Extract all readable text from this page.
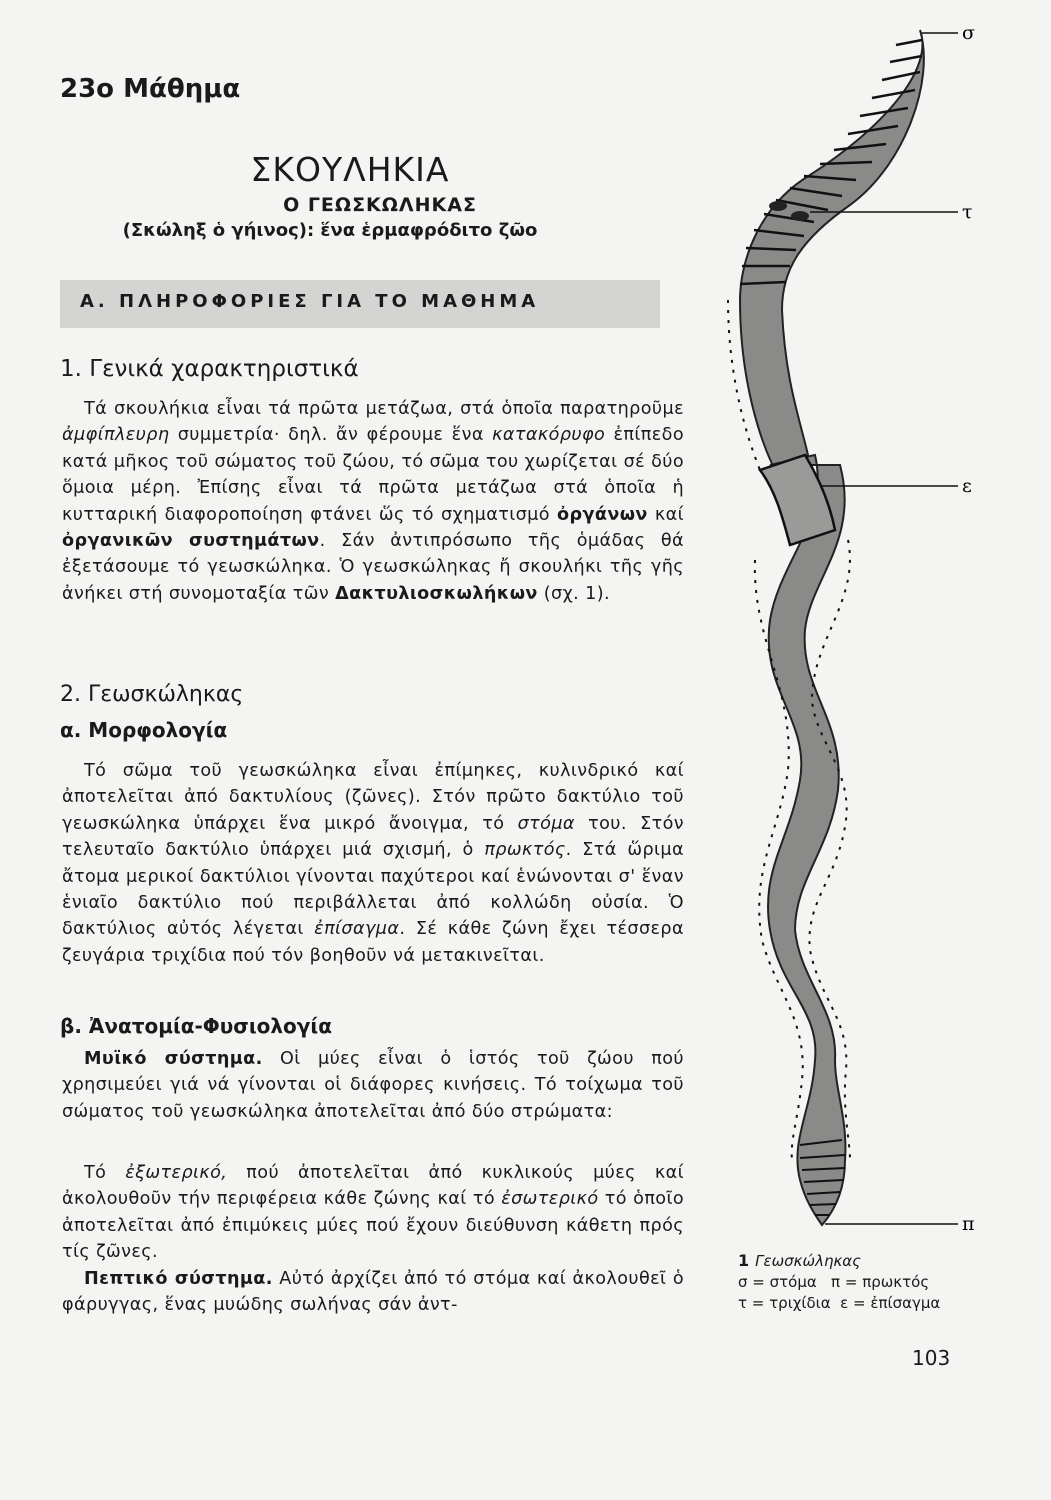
23ο Μάθημα
ΣΚΟΥΛΗΚΙΑ
Ο ΓΕΩΣΚΩΛΗΚΑΣ
(Σκώληξ ὁ γήινος): ἕνα ἑρμαφρόδιτο ζῶο
Α. ΠΛΗΡΟΦΟΡΙΕΣ ΓΙΑ ΤΟ ΜΑΘΗΜΑ
1. Γενικά χαρακτηριστικά
Τά σκουλήκια εἶναι τά πρῶτα μετάζωα, στά ὁποῖα παρατηροῦμε ἀμφίπλευρη συμμετρία· δηλ. ἄν φέρουμε ἕνα κατακόρυφο ἐπίπεδο κατά μῆκος τοῦ σώματος τοῦ ζώου, τό σῶμα του χωρίζεται σέ δύο ὅμοια μέρη. Ἐπίσης εἶναι τά πρῶτα μετάζωα στά ὁποῖα ἡ κυτταρική διαφοροποίηση φτάνει ὥς τό σχηματισμό ὀργάνων καί ὀργανικῶν συστημάτων. Σάν ἀντιπρόσωπο τῆς ὁμάδας θά ἐξετάσουμε τό γεωσκώληκα. Ὁ γεωσκώληκας ἤ σκουλήκι τῆς γῆς ἀνήκει στή συνομοταξία τῶν Δακτυλιοσκωλήκων (σχ. 1).
2. Γεωσκώληκας
α. Μορφολογία
Τό σῶμα τοῦ γεωσκώληκα εἶναι ἐπίμηκες, κυλινδρικό καί ἀποτελεῖται ἀπό δακτυλίους (ζῶνες). Στόν πρῶτο δακτύλιο τοῦ γεωσκώληκα ὑπάρχει ἕνα μικρό ἄνοιγμα, τό στόμα του. Στόν τελευταῖο δακτύλιο ὑπάρχει μιά σχισμή, ὁ πρωκτός. Στά ὥριμα ἄτομα μερικοί δακτύλιοι γίνονται παχύτεροι καί ἑνώνονται σ' ἕναν ἑνιαῖο δακτύλιο πού περιβάλλεται ἀπό κολλώδη οὐσία. Ὁ δακτύλιος αὐτός λέγεται ἐπίσαγμα. Σέ κάθε ζώνη ἔχει τέσσερα ζευγάρια τριχίδια πού τόν βοηθοῦν νά μετακινεῖται.
β. Ἀνατομία-Φυσιολογία
Μυϊκό σύστημα. Οἱ μύες εἶναι ὁ ἱστός τοῦ ζώου πού χρησιμεύει γιά νά γίνονται οἱ διάφορες κινήσεις. Τό τοίχωμα τοῦ σώματος τοῦ γεωσκώληκα ἀποτελεῖται ἀπό δύο στρώματα:
Τό ἐξωτερικό, πού ἀποτελεῖται ἀπό κυκλικούς μύες καί ἀκολουθοῦν τήν περιφέρεια κάθε ζώνης καί τό ἐσωτερικό τό ὁποῖο ἀποτελεῖται ἀπό ἐπιμύκεις μύες πού ἔχουν διεύθυνση κάθετη πρός τίς ζῶνες.
Πεπτικό σύστημα. Αὐτό ἀρχίζει ἀπό τό στόμα καί ἀκολουθεῖ ὁ φάρυγγας, ἕνας μυώδης σωλήνας σάν ἀντ-
σ
τ
ε
π
1 Γεωσκώληκας
σ = στόμα   π = πρωκτός
τ = τριχίδια  ε = ἐπίσαγμα
103
